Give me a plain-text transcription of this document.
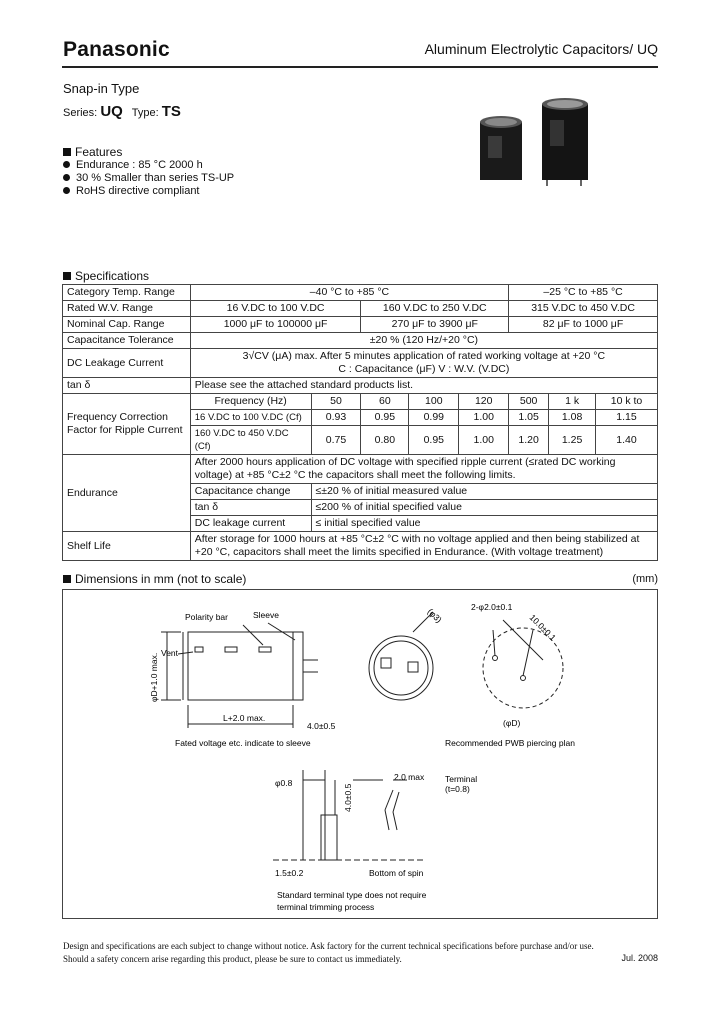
Panasonic	Aluminum Electrolytic Capacitors/ UQ
Snap-in Type
Series: UQ Type: TS
Features
Endurance : 85 °C 2000 h
30 % Smaller than series TS-UP
RoHS directive compliant
Specifications
Category Temp. Range	–40 °C to +85 °C					–25 °C to +85 °C		
Rated W.V. Range	16 V.DC to 100 V.DC		160 V.DC to 250 V.DC			315 V.DC to 450 V.DC		
Nominal Cap. Range	1000 μF to 100000 μF		270 μF to 3900 μF			82 μF to 1000 μF		
Capacitance Tolerance	±20 % (120 Hz/+20 °C)							
DC Leakage Current	3√CV (μA) max. After 5 minutes application of rated working voltage at +20 °C
C : Capacitance (μF) V : W.V. (V.DC)							

tan δ	Please see the attached standard products list.							
Frequency Correction Factor for Ripple Current	Frequency (Hz)	50	60	100	120	500	1 k	10 k to
	16 V.DC to 100 V.DC (Cf)	0.93	0.95	0.99	1.00	1.05	1.08	1.15
	160 V.DC to 450 V.DC (Cf)	0.75	0.80	0.95	1.00	1.20	1.25	1.40
Endurance	After 2000 hours application of DC voltage with specified ripple current (≤rated DC working voltage) at +85 °C±2 °C the capacitors shall meet the following limits.							
	Capacitance change	≤±20 % of initial measured value						
	tan δ	≤200 % of initial specified value						
	DC leakage current	≤ initial specified value						
Shelf Life	After storage for 1000 hours at +85 °C±2 °C with no voltage applied and then being stabilized at +20 °C, capacitors shall meet the limits specified in Endurance. (With voltage treatment)							
Dimensions in mm (not to scale)	(mm)
Polarity bar	Sleeve
Vent
φD+1.0 max.
L+2.0 max.
4.0±0.5
Fated voltage etc. indicate to sleeve
(φ3)	2-φ2.0±0.1
10.0±0.1
(φD)
Recommended PWB piercing plan
φ0.8
4.0±0.5
2.0 max Terminal
(t=0.8)
1.5±0.2	Bottom of spin
Standard terminal type does not require
terminal trimming process
Design and specifications are each subject to change without notice. Ask factory for the current technical specifications before purchase and/or use.
Should a safety concern arise regarding this product, please be sure to contact us immediately.	Jul. 2008
